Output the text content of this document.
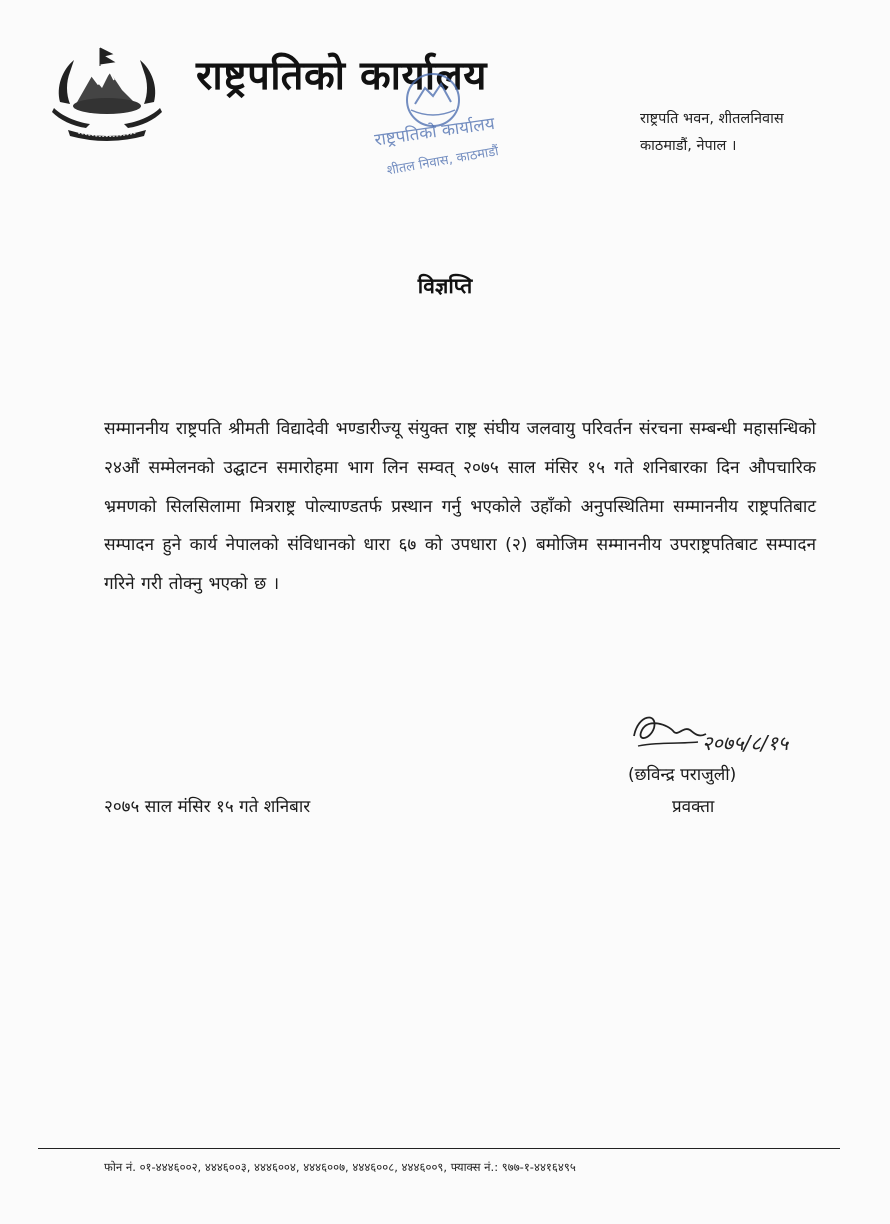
राष्ट्रपतिको कार्यालय
राष्ट्रपतिको कार्यालय
शीतल निवास, काठमाडौं
राष्ट्रपति भवन, शीतलनिवास
काठमाडौं, नेपाल ।
विज्ञप्ति
सम्माननीय राष्ट्रपति श्रीमती विद्यादेवी भण्डारीज्यू संयुक्त राष्ट्र संघीय जलवायु परिवर्तन संरचना सम्बन्धी महासन्धिको २४औं सम्मेलनको उद्घाटन समारोहमा भाग लिन सम्वत् २०७५ साल मंसिर १५ गते शनिबारका दिन औपचारिक भ्रमणको सिलसिलामा मित्रराष्ट्र पोल्याण्डतर्फ प्रस्थान गर्नु भएकोले उहाँको अनुपस्थितिमा सम्माननीय राष्ट्रपतिबाट सम्पादन हुने कार्य नेपालको संविधानको धारा ६७ को उपधारा (२) बमोजिम सम्माननीय उपराष्ट्रपतिबाट सम्पादन गरिने गरी तोक्नु भएको छ ।
२०७५/८/१५
(छविन्द्र पराजुली)
प्रवक्ता
२०७५ साल मंसिर १५ गते शनिबार
फोन नं. ०१-४४४६००२, ४४४६००३, ४४४६००४, ४४४६००७, ४४४६००८, ४४४६००९, फ्याक्स नं.: ९७७-१-४४१६४९५
